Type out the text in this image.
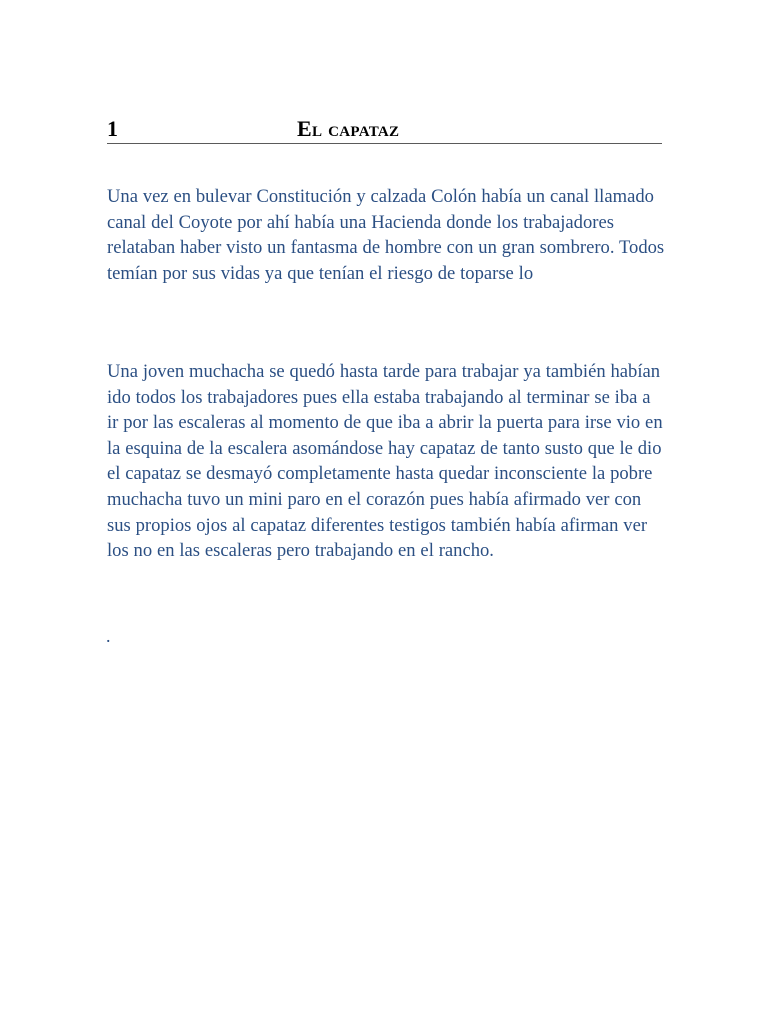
1	El capataz

Una vez en bulevar Constitución y calzada Colón había un canal llamado canal del Coyote por ahí había una Hacienda donde los trabajadores relataban haber visto un fantasma de hombre con un gran sombrero. Todos temían por sus vidas ya que tenían el riesgo de toparse lo

Una joven muchacha se quedó hasta tarde para trabajar ya también habían ido todos los trabajadores pues ella estaba trabajando al terminar se iba a ir por las escaleras al momento de que iba a abrir la puerta para irse vio en la esquina de la escalera asomándose hay capataz de tanto susto que le dio el capataz se desmayó completamente hasta quedar inconsciente la pobre muchacha tuvo un mini paro en el corazón pues había afirmado ver con sus propios ojos al capataz diferentes testigos también había afirman ver los no en las escaleras pero trabajando en el rancho.

.
